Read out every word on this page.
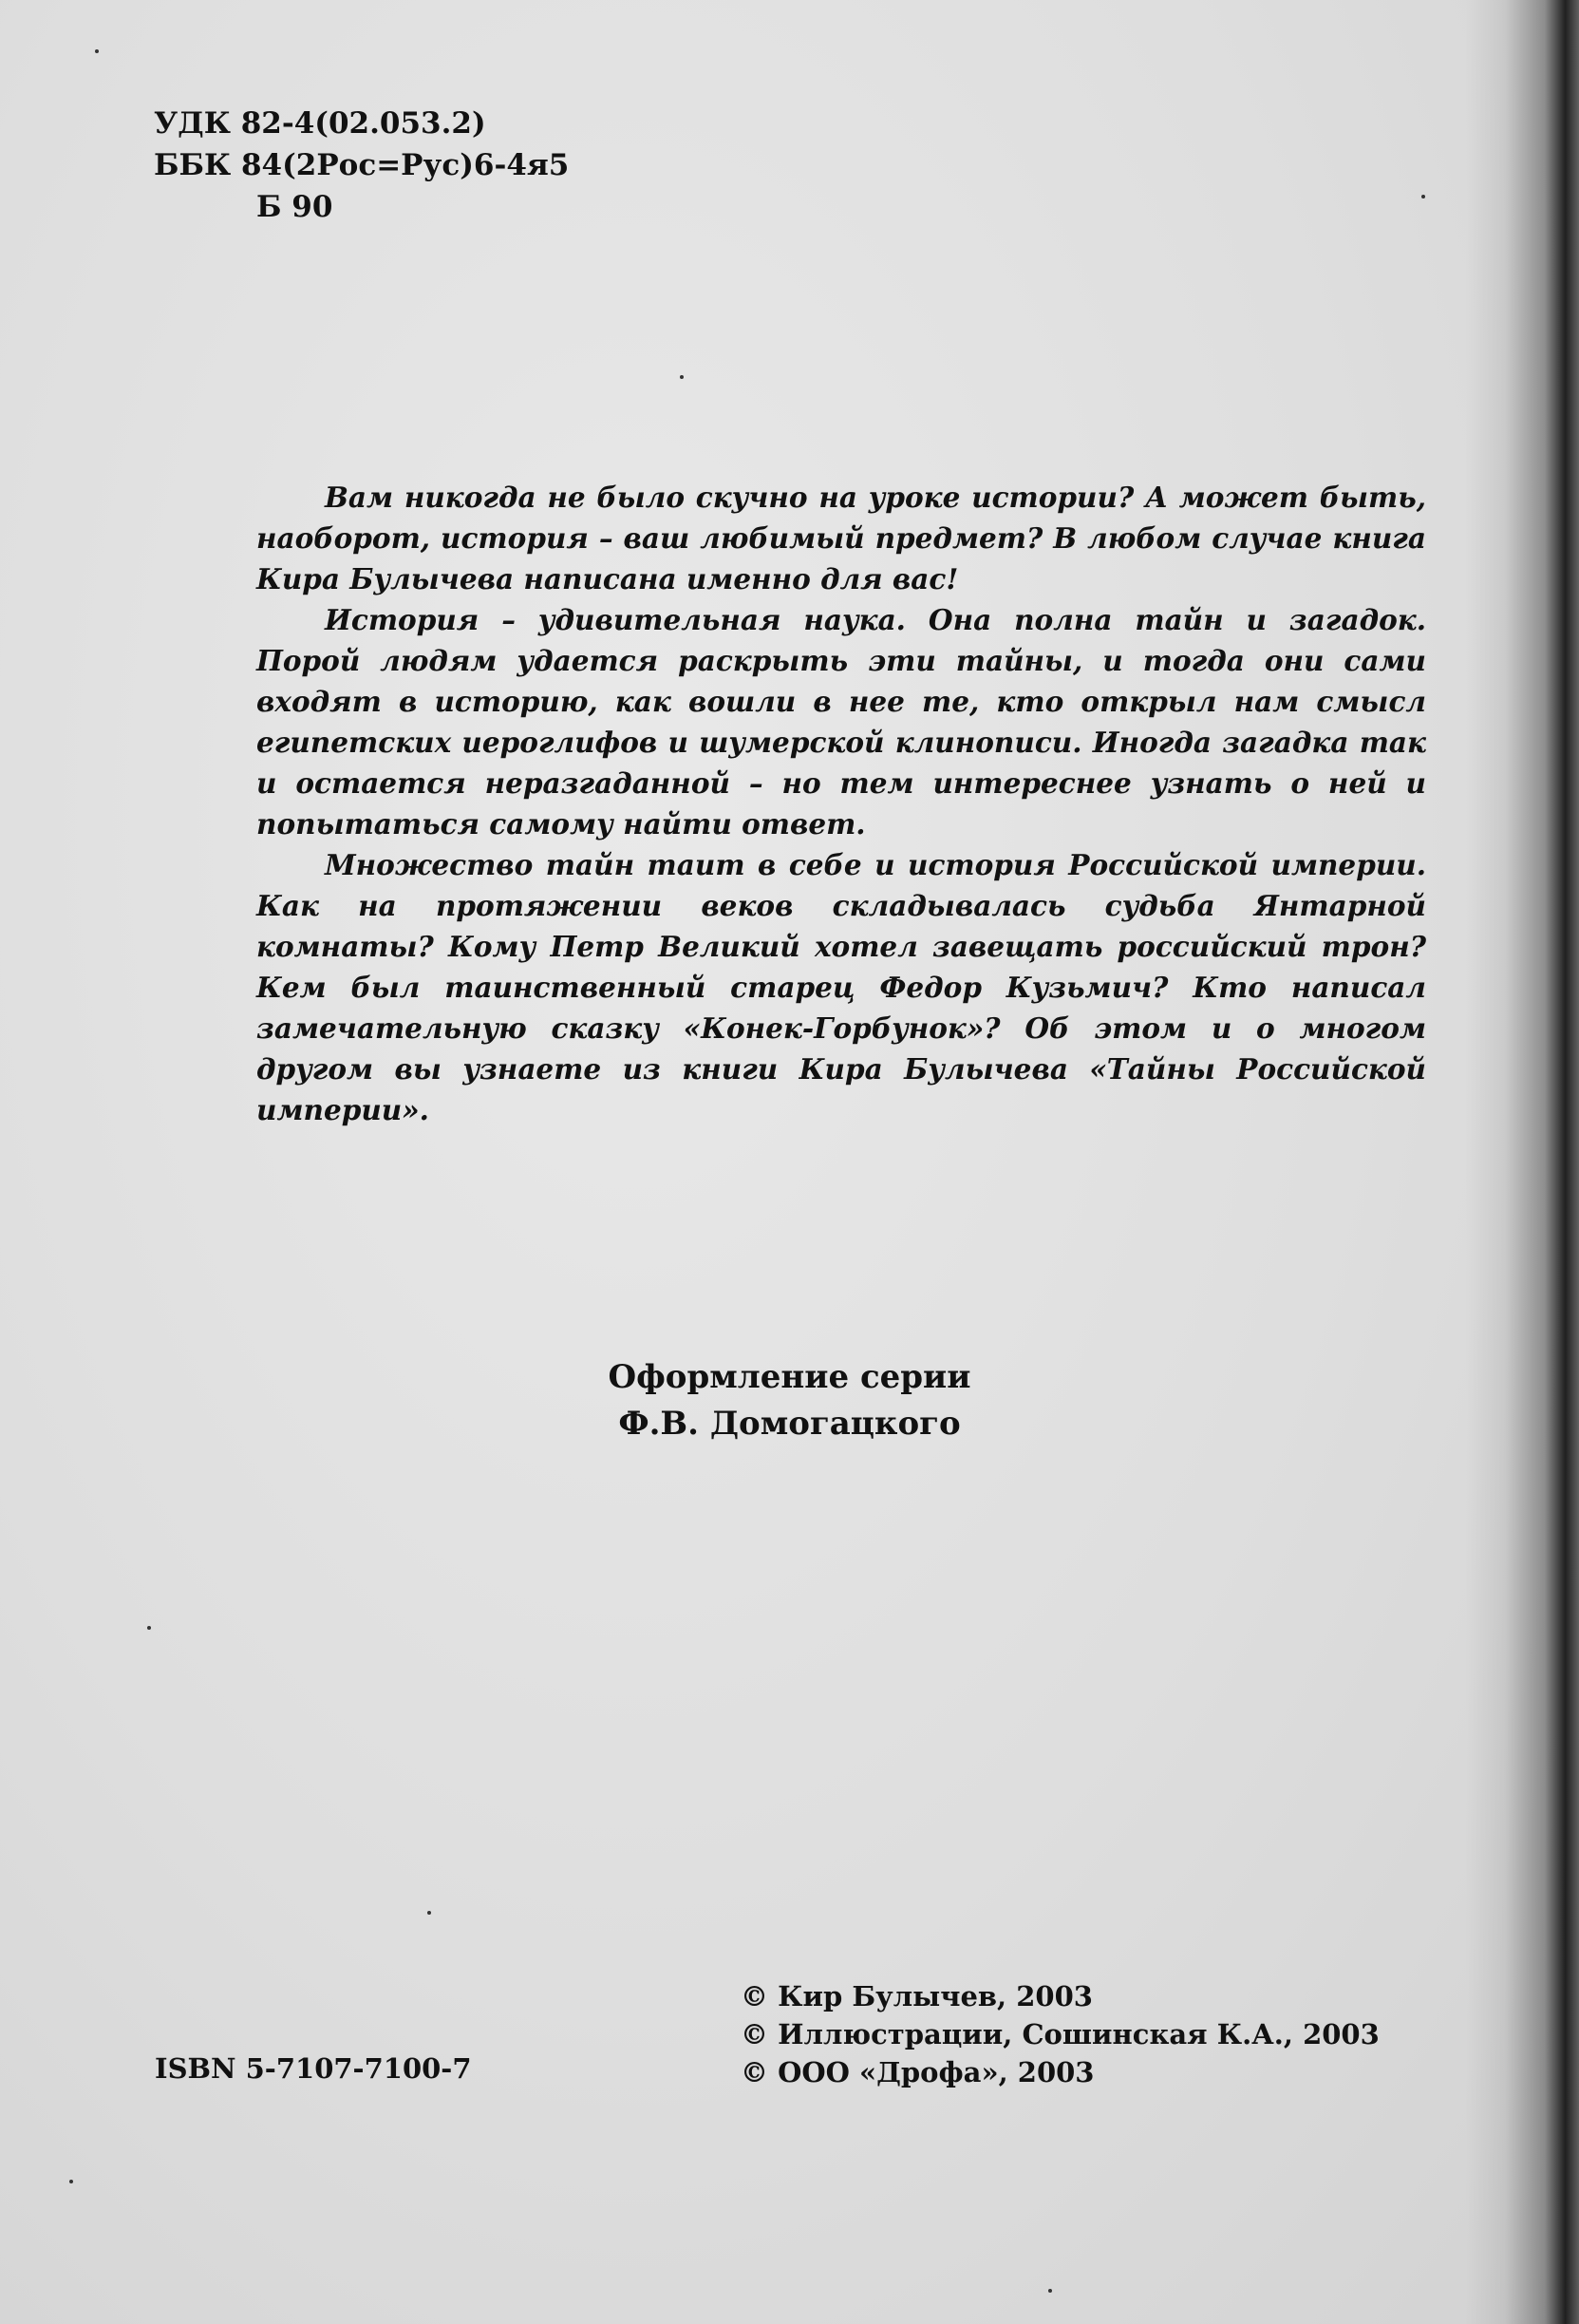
УДК 82-4(02.053.2)
ББК 84(2Рос=Рус)6-4я5
Б 90

Вам никогда не было скучно на уроке истории? А может быть, наоборот, история – ваш любимый предмет? В любом случае книга Кира Булычева написана именно для вас!

История – удивительная наука. Она полна тайн и загадок. Порой людям удается раскрыть эти тайны, и тогда они сами входят в историю, как вошли в нее те, кто открыл нам смысл египетских иероглифов и шумерской клинописи. Иногда загадка так и остается неразгаданной – но тем интереснее узнать о ней и попытаться самому найти ответ.

Множество тайн таит в себе и история Российской империи. Как на протяжении веков складывалась судьба Янтарной комнаты? Кому Петр Великий хотел завещать российский трон? Кем был таинственный старец Федор Кузьмич? Кто написал замечательную сказку «Конек-Горбунок»? Об этом и о многом другом вы узнаете из книги Кира Булычева «Тайны Российской империи».

Оформление серии
Ф.В. Домогацкого
© Кир Булычев, 2003
© Иллюстрации, Сошинская К.А., 2003
© ООО «Дрофа», 2003
ISBN 5-7107-7100-7
